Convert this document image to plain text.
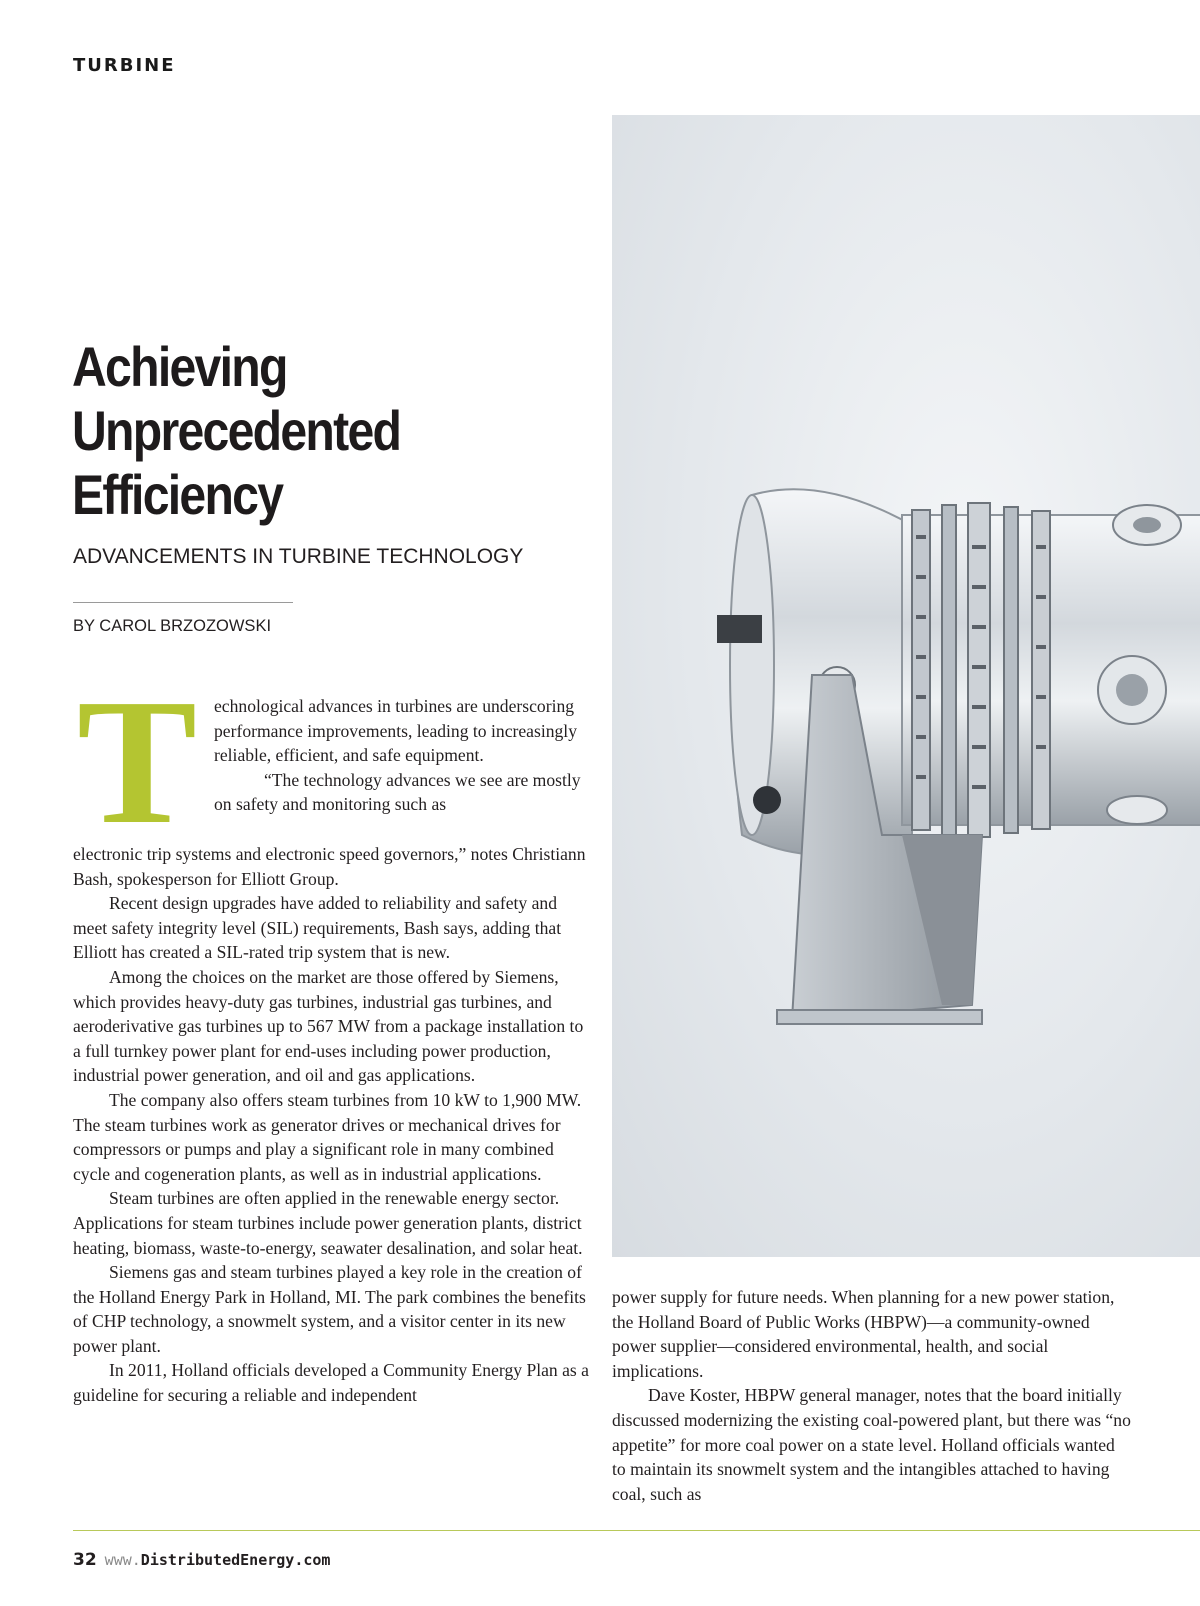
TURBINE
Achieving
Unprecedented
Efficiency
ADVANCEMENTS IN TURBINE TECHNOLOGY
BY CAROL BRZOZOWSKI
T echnological advances in turbines are underscoring performance improvements, leading to increasingly reliable, efficient, and safe equipment.

“The technology advances we see are mostly on safety and monitoring such as

electronic trip systems and electronic speed governors,” notes Christiann Bash, spokesperson for Elliott Group.

Recent design upgrades have added to reliability and safety and meet safety integrity level (SIL) requirements, Bash says, adding that Elliott has created a SIL-rated trip system that is new.

Among the choices on the market are those offered by Siemens, which provides heavy-duty gas turbines, industrial gas turbines, and aeroderivative gas turbines up to 567 MW from a package installation to a full turnkey power plant for end-uses including power production, industrial power generation, and oil and gas applications.

The company also offers steam turbines from 10 kW to 1,900 MW. The steam turbines work as generator drives or mechanical drives for compressors or pumps and play a significant role in many combined cycle and cogeneration plants, as well as in industrial applications.

Steam turbines are often applied in the renewable energy sector. Applications for steam turbines include power generation plants, district heating, biomass, waste-to-energy, seawater desalination, and solar heat.

Siemens gas and steam turbines played a key role in the creation of the Holland Energy Park in Holland, MI. The park combines the benefits of CHP technology, a snowmelt system, and a visitor center in its new power plant.

In 2011, Holland officials developed a Community Energy Plan as a guideline for securing a reliable and independent

power supply for future needs. When planning for a new power station, the Holland Board of Public Works (HBPW)—a community-owned power supplier—considered environmental, health, and social implications.

Dave Koster, HBPW general manager, notes that the board initially discussed modernizing the existing coal-powered plant, but there was “no appetite” for more coal power on a state level. Holland officials wanted to maintain its snowmelt system and the intangibles attached to having coal, such as

32 www.DistributedEnergy.com
